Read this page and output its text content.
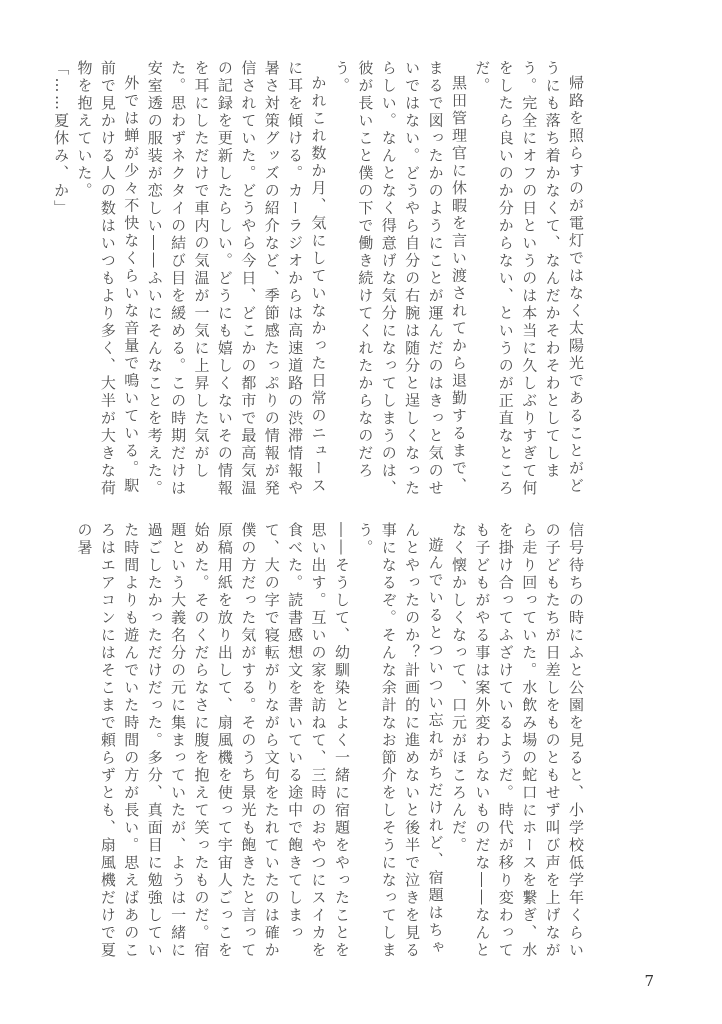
帰路を照らすのが電灯ではなく太陽光であることがどうにも落ち着かなくて、なんだかそわそわとしてしまう。完全にオフの日というのは本当に久しぶりすぎて何をしたら良いのか分からない、というのが正直なところだ。

黒田管理官に休暇を言い渡されてから退勤するまで、まるで図ったかのようにことが運んだのはきっと気のせいではない。どうやら自分の右腕は随分と逞しくなったらしい。なんとなく得意げな気分になってしまうのは、彼が長いこと僕の下で働き続けてくれたからなのだろう。

かれこれ数か月、気にしていなかった日常のニュースに耳を傾ける。カーラジオからは高速道路の渋滞情報や暑さ対策グッズの紹介など、季節感たっぷりの情報が発信されていた。どうやら今日、どこかの都市で最高気温の記録を更新したらしい。どうにも嬉しくないその情報を耳にしただけで車内の気温が一気に上昇した気がした。思わずネクタイの結び目を緩める。この時期だけは安室透の服装が恋しい――ふいにそんなことを考えた。

外では蝉が少々不快なくらいな音量で鳴いている。駅前で見かける人の数はいつもより多く、大半が大きな荷物を抱えていた。

「……夏休み、か」

信号待ちの時にふと公園を見ると、小学校低学年くらいの子どもたちが日差しをものともせず叫び声を上げながら走り回っていた。水飲み場の蛇口にホースを繋ぎ、水を掛け合ってふざけているようだ。時代が移り変わっても子どもがやる事は案外変わらないものだな――なんとなく懐かしくなって、口元がほころんだ。

遊んでいるとついつい忘れがちだけれど、宿題はちゃんとやったのか？計画的に進めないと後半で泣きを見る事になるぞ。そんな余計なお節介をしそうになってしまう。

――そうして、幼馴染とよく一緒に宿題をやったことを思い出す。互いの家を訪ねて、三時のおやつにスイカを食べた。読書感想文を書いている途中で飽きてしまって、大の字で寝転がりながら文句をたれていたのは確か僕の方だった気がする。そのうち景光も飽きたと言って原稿用紙を放り出して、扇風機を使って宇宙人ごっこを始めた。そのくだらなさに腹を抱えて笑ったものだ。宿題という大義名分の元に集まっていたが、ようは一緒に過ごしたかっただけだった。多分、真面目に勉強していた時間よりも遊んでいた時間の方が長い。思えばあのころはエアコンにはそこまで頼らずとも、扇風機だけで夏の暑

7
